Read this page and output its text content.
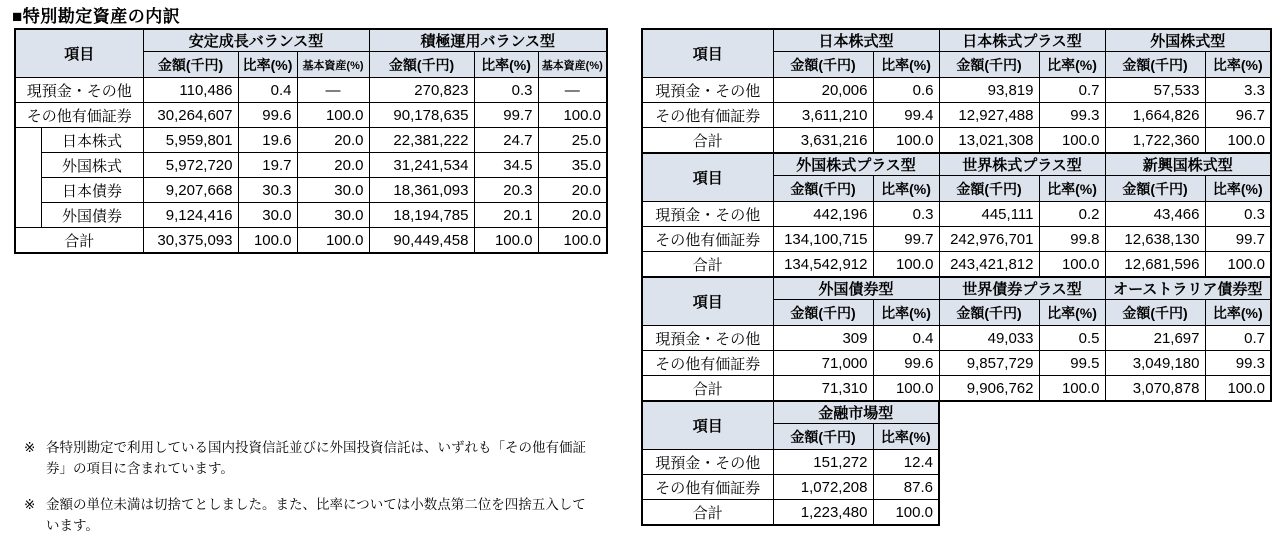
■特別勘定資産の内訳
項目		安定成長バランス型			積極運用バランス型		
		金額(千円)	比率(%)	基本資産(%)	金額(千円)	比率(%)	基本資産(%)
現預金・その他		110,486	0.4	—	270,823	0.3	—
その他有価証券		30,264,607	99.6	100.0	90,178,635	99.7	100.0
	日本株式	5,959,801	19.6	20.0	22,381,222	24.7	25.0
	外国株式	5,972,720	19.7	20.0	31,241,534	34.5	35.0
	日本債券	9,207,668	30.3	30.0	18,361,093	20.3	20.0
	外国債券	9,124,416	30.0	30.0	18,194,785	20.1	20.0
合計		30,375,093	100.0	100.0	90,449,458	100.0	100.0
項目	日本株式型		日本株式プラス型		外国株式型	
	金額(千円)	比率(%)	金額(千円)	比率(%)	金額(千円)	比率(%)
現預金・その他	20,006	0.6	93,819	0.7	57,533	3.3
その他有価証券	3,611,210	99.4	12,927,488	99.3	1,664,826	96.7
合計	3,631,216	100.0	13,021,308	100.0	1,722,360	100.0
項目	外国株式プラス型		世界株式プラス型		新興国株式型	
	金額(千円)	比率(%)	金額(千円)	比率(%)	金額(千円)	比率(%)
現預金・その他	442,196	0.3	445,111	0.2	43,466	0.3
その他有価証券	134,100,715	99.7	242,976,701	99.8	12,638,130	99.7
合計	134,542,912	100.0	243,421,812	100.0	12,681,596	100.0
項目	外国債券型		世界債券プラス型		オーストラリア債券型	
	金額(千円)	比率(%)	金額(千円)	比率(%)	金額(千円)	比率(%)
現預金・その他	309	0.4	49,033	0.5	21,697	0.7
その他有価証券	71,000	99.6	9,857,729	99.5	3,049,180	99.3
合計	71,310	100.0	9,906,762	100.0	3,070,878	100.0
項目	金融市場型	
	金額(千円)	比率(%)
現預金・その他	151,272	12.4
その他有価証券	1,072,208	87.6
合計	1,223,480	100.0
※ 各特別勘定で利用している国内投資信託並びに外国投資信託は、いずれも「その他有価証券」の項目に含まれています。
※ 金額の単位未満は切捨てとしました。また、比率については小数点第二位を四捨五入しています。
